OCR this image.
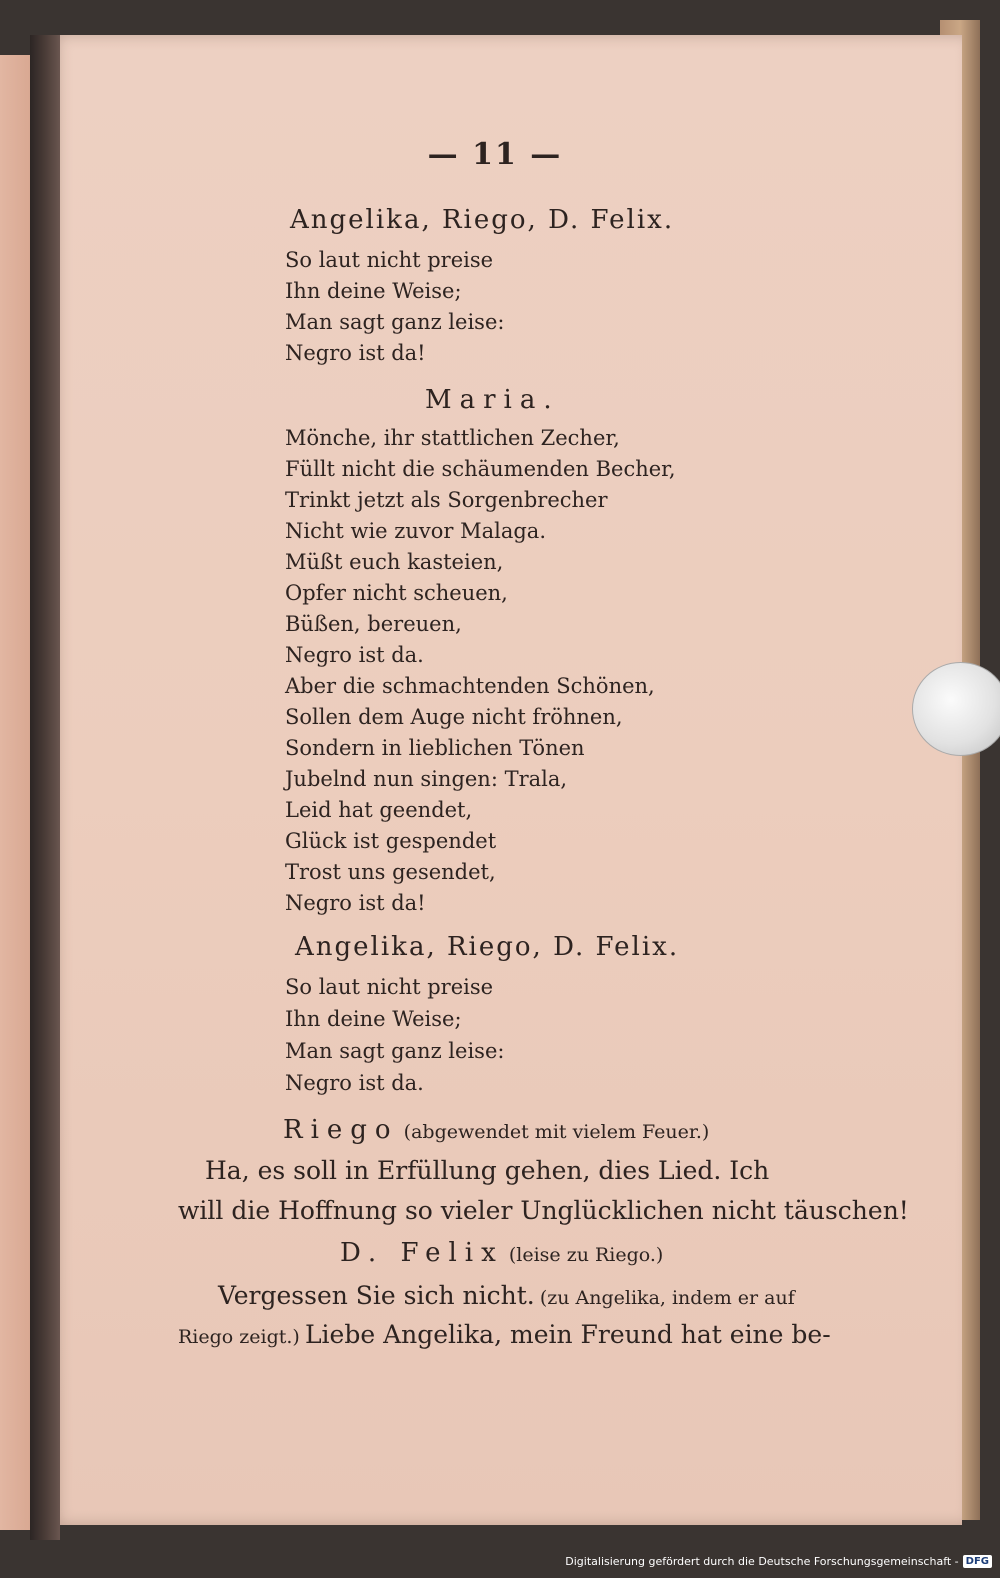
— 11 —
Angelika, Riego, D. Felix.
So laut nicht preise
Ihn deine Weise;
Man sagt ganz leise:
Negro ist da!
Maria.
Mönche, ihr stattlichen Zecher,
Füllt nicht die schäumenden Becher,
Trinkt jetzt als Sorgenbrecher
Nicht wie zuvor Malaga.
Müßt euch kasteien,
Opfer nicht scheuen,
Büßen, bereuen,
Negro ist da.
Aber die schmachtenden Schönen,
Sollen dem Auge nicht fröhnen,
Sondern in lieblichen Tönen
Jubelnd nun singen: Trala,
Leid hat geendet,
Glück ist gespendet
Trost uns gesendet,
Negro ist da!
Angelika, Riego, D. Felix.
So laut nicht preise
Ihn deine Weise;
Man sagt ganz leise:
Negro ist da.
Riego (abgewendet mit vielem Feuer.)
Ha, es soll in Erfüllung gehen, dies Lied. Ich
will die Hoffnung so vieler Unglücklichen nicht täuschen!
D. Felix (leise zu Riego.)
Vergessen Sie sich nicht. (zu Angelika, indem er auf
Riego zeigt.) Liebe Angelika, mein Freund hat eine be-
Digitalisierung gefördert durch die Deutsche Forschungsgemeinschaft - DFG
